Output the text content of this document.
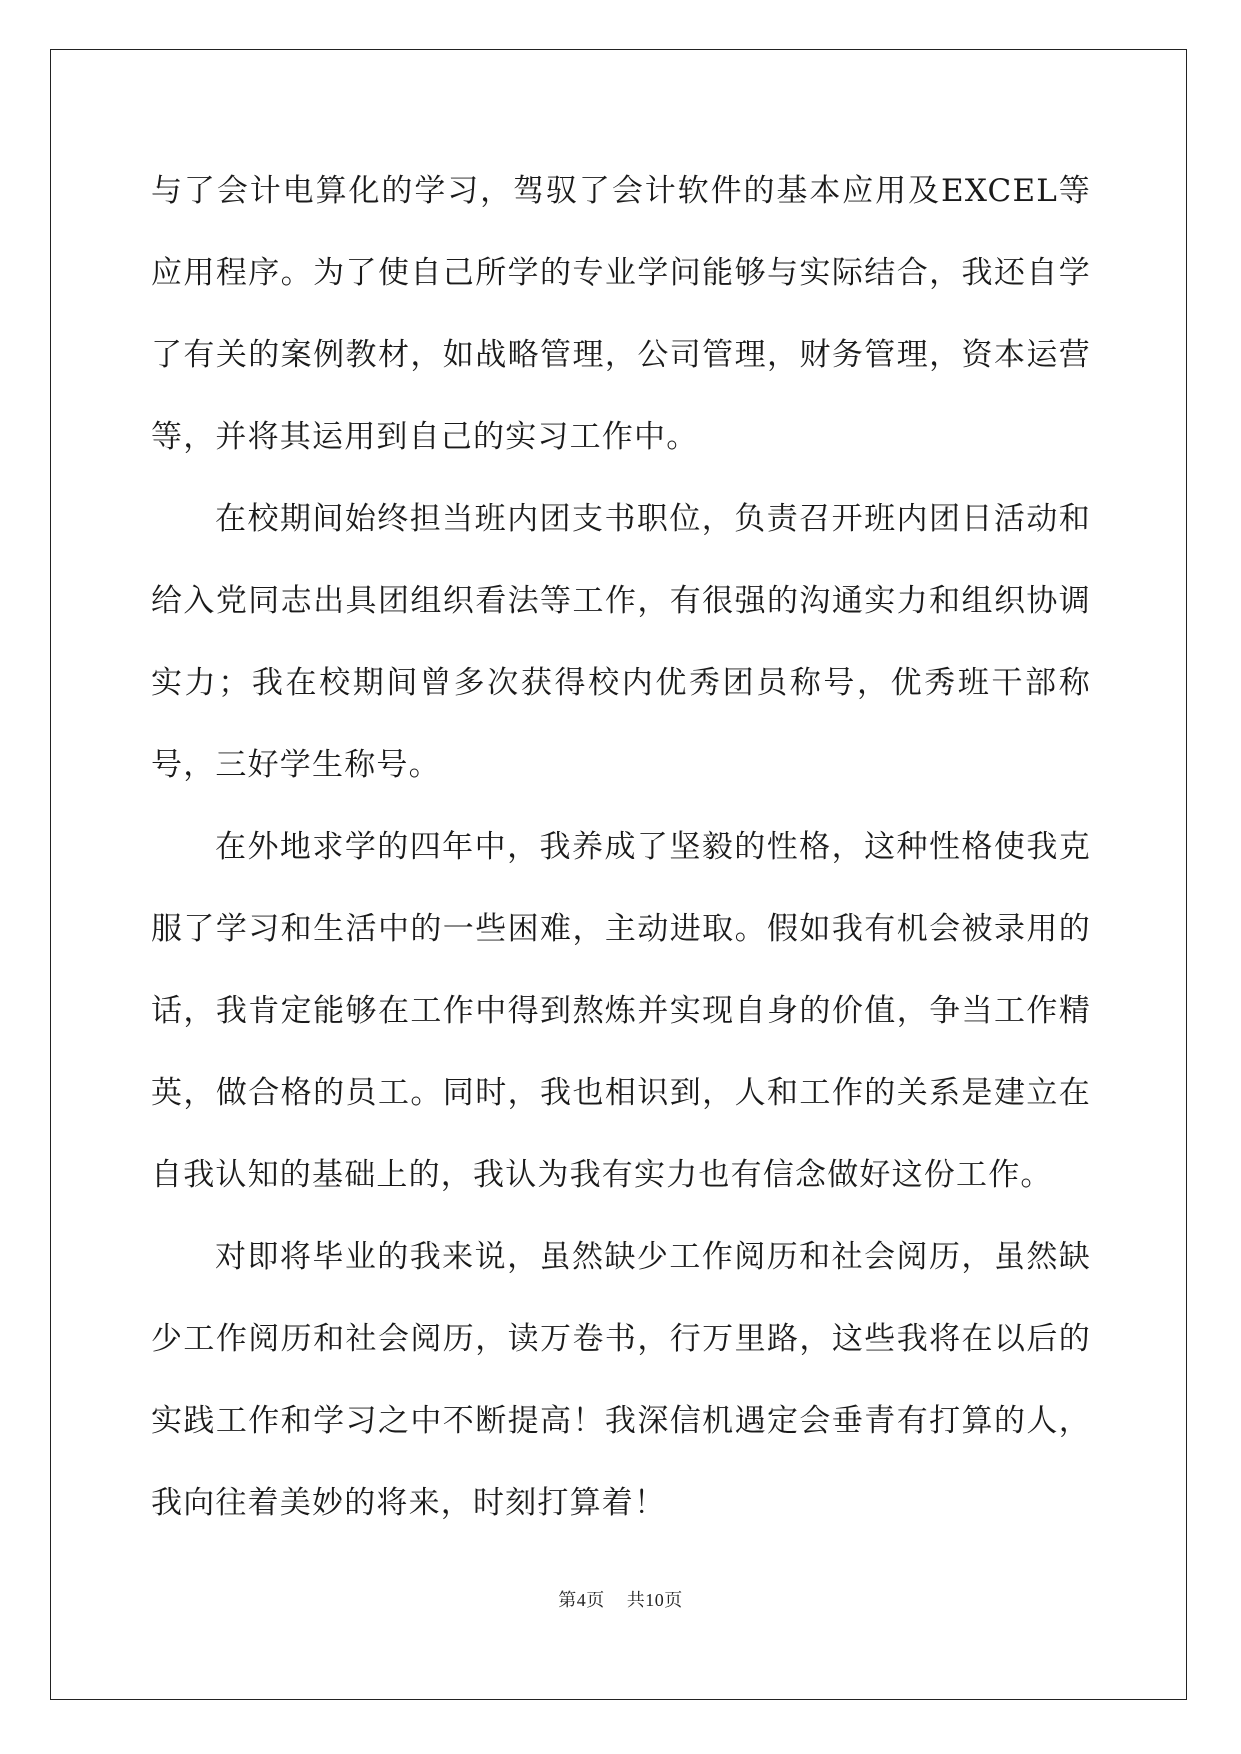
与了会计电算化的学习，驾驭了会计软件的基本应用及EXCEL等应用程序。为了使自己所学的专业学问能够与实际结合，我还自学了有关的案例教材，如战略管理，公司管理，财务管理，资本运营等，并将其运用到自己的实习工作中。

在校期间始终担当班内团支书职位，负责召开班内团日活动和给入党同志出具团组织看法等工作，有很强的沟通实力和组织协调实力；我在校期间曾多次获得校内优秀团员称号，优秀班干部称号，三好学生称号。

在外地求学的四年中，我养成了坚毅的性格，这种性格使我克服了学习和生活中的一些困难，主动进取。假如我有机会被录用的话，我肯定能够在工作中得到熬炼并实现自身的价值，争当工作精英，做合格的员工。同时，我也相识到，人和工作的关系是建立在自我认知的基础上的，我认为我有实力也有信念做好这份工作。

对即将毕业的我来说，虽然缺少工作阅历和社会阅历，虽然缺少工作阅历和社会阅历，读万卷书，行万里路，这些我将在以后的实践工作和学习之中不断提高！我深信机遇定会垂青有打算的人，我向往着美妙的将来，时刻打算着！

第4页 共10页
